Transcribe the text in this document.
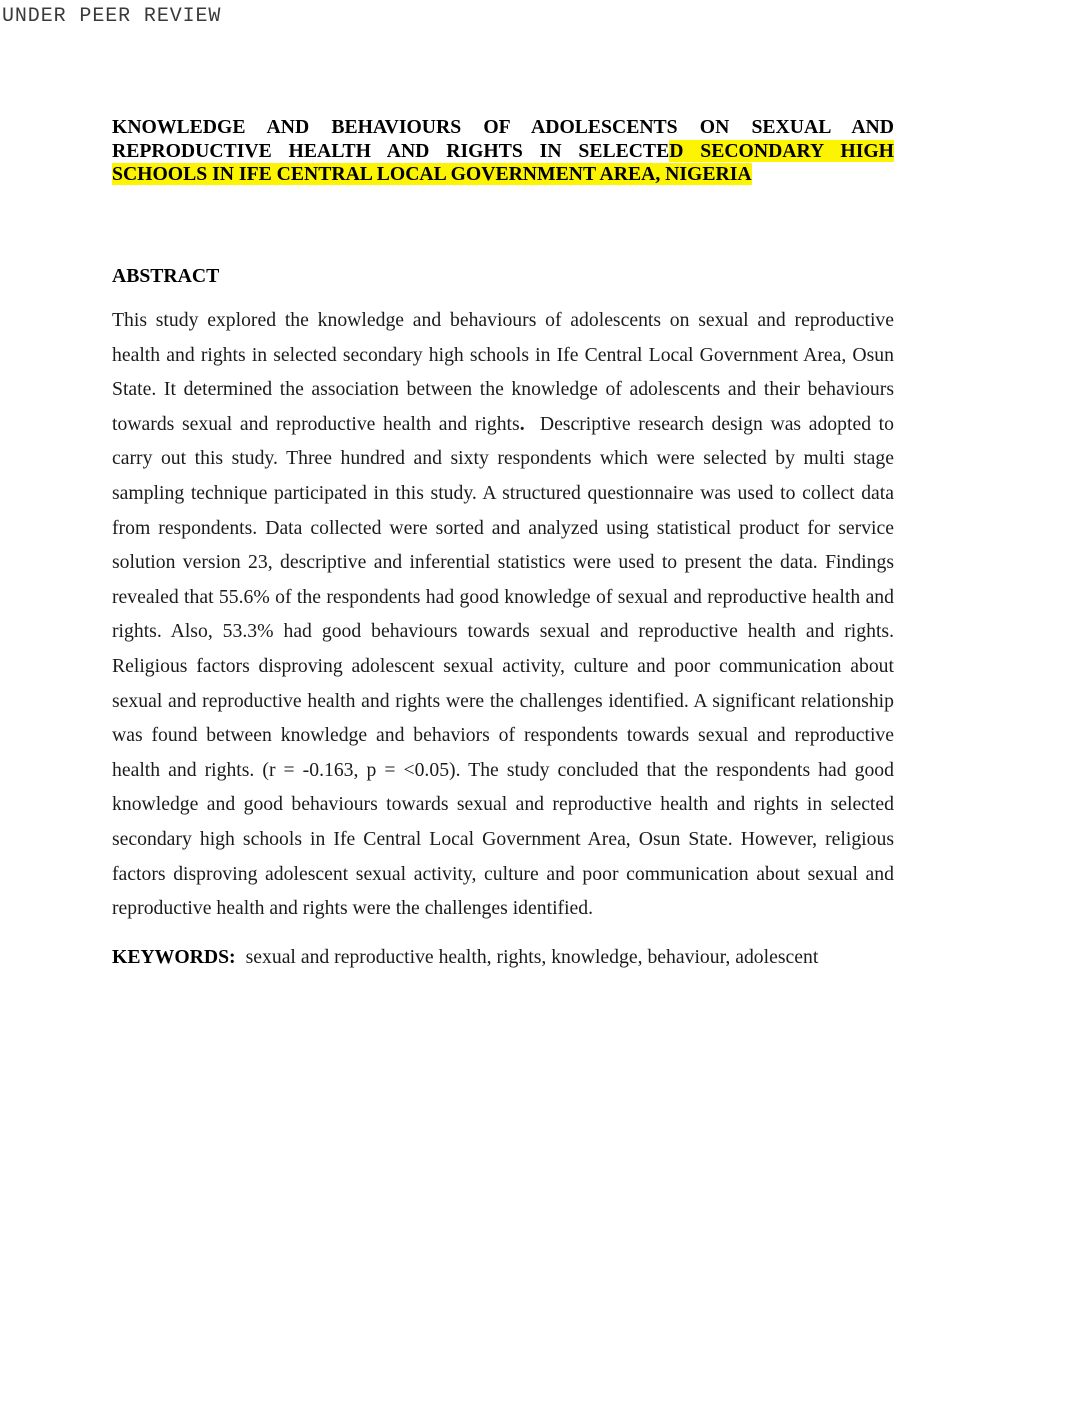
UNDER PEER REVIEW
KNOWLEDGE AND BEHAVIOURS OF ADOLESCENTS ON SEXUAL AND REPRODUCTIVE HEALTH AND RIGHTS IN SELECTED SECONDARY HIGH SCHOOLS IN IFE CENTRAL LOCAL GOVERNMENT AREA, NIGERIA
ABSTRACT

This study explored the knowledge and behaviours of adolescents on sexual and reproductive health and rights in selected secondary high schools in Ife Central Local Government Area, Osun State. It determined the association between the knowledge of adolescents and their behaviours towards sexual and reproductive health and rights.  Descriptive research design was adopted to carry out this study. Three hundred and sixty respondents which were selected by multi stage sampling technique participated in this study. A structured questionnaire was used to collect data from respondents. Data collected were sorted and analyzed using statistical product for service solution version 23, descriptive and inferential statistics were used to present the data. Findings revealed that 55.6% of the respondents had good knowledge of sexual and reproductive health and rights. Also, 53.3% had good behaviours towards sexual and reproductive health and rights. Religious factors disproving adolescent sexual activity, culture and poor communication about sexual and reproductive health and rights were the challenges identified. A significant relationship was found between knowledge and behaviors of respondents towards sexual and reproductive health and rights. (r = -0.163, p = <0.05). The study concluded that the respondents had good knowledge and good behaviours towards sexual and reproductive health and rights in selected secondary high schools in Ife Central Local Government Area, Osun State. However, religious factors disproving adolescent sexual activity, culture and poor communication about sexual and reproductive health and rights were the challenges identified.

KEYWORDS: sexual and reproductive health, rights, knowledge, behaviour, adolescent
